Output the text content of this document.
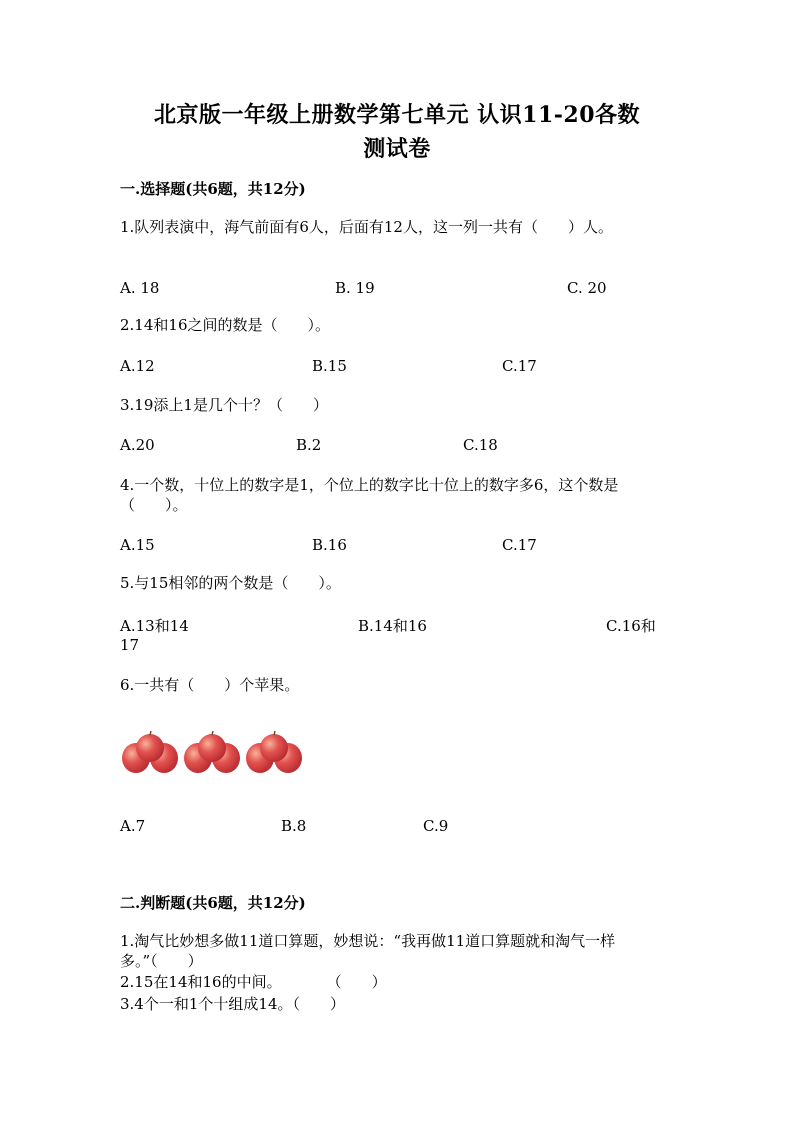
北京版一年级上册数学第七单元 认识11-20各数
测试卷
一.选择题(共6题，共12分)
1.队列表演中，海气前面有6人，后面有12人，这一列一共有（　　）人。
A. 18	B. 19	C. 20
2.14和16之间的数是（　　）。
A.12	B.15	C.17
3.19添上1是几个十？（　　）
A.20	B.2	C.18
4.一个数，十位上的数字是1，个位上的数字比十位上的数字多6，这个数是
（　　）。
A.15	B.16	C.17
5.与15相邻的两个数是（　　）。
A.13和14	B.14和16	C.16和
17
6.一共有（　　）个苹果。
A.7	B.8	C.9
二.判断题(共6题，共12分)
1.淘气比妙想多做11道口算题，妙想说：“我再做11道口算题就和淘气一样
多。”（　　）
2.15在14和16的中间。　　　　（　　）
3.4个一和1个十组成14。（　　）
